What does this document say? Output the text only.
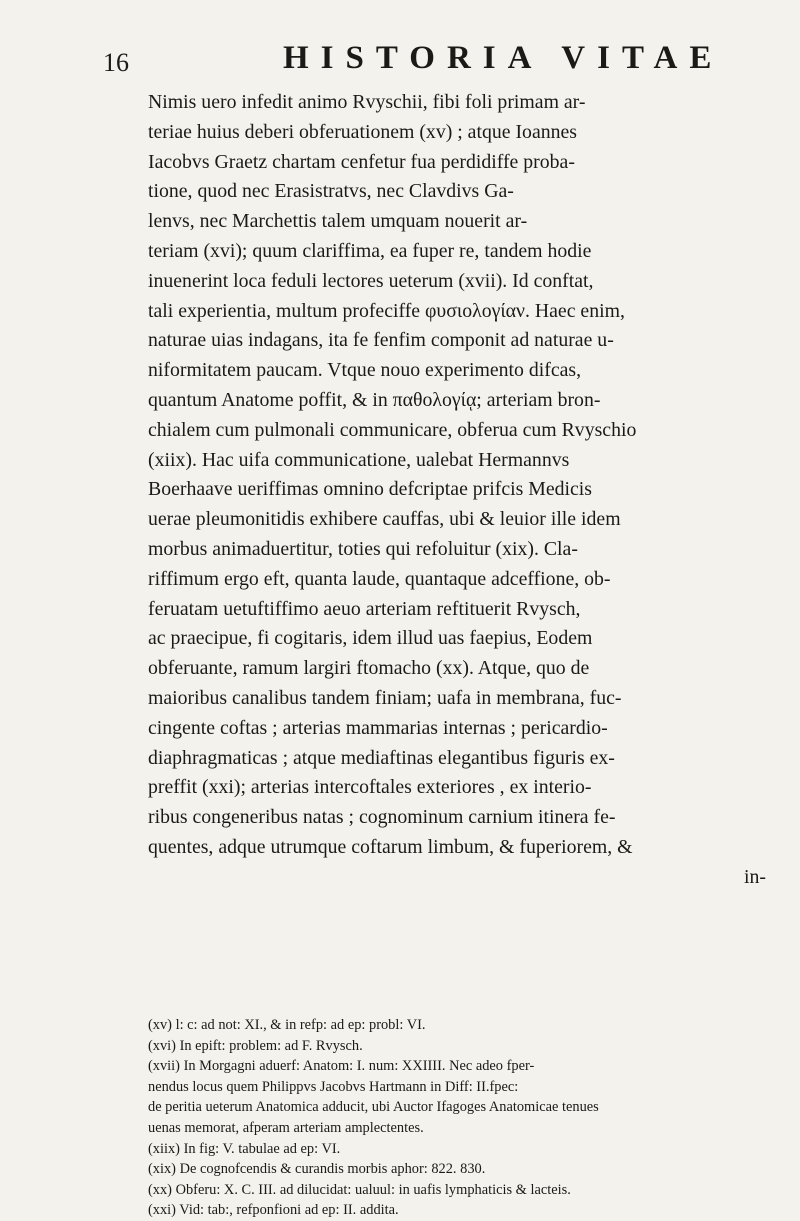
16	HISTORIA VITAE
Nimis uero infedit animo Rvyschii, fibi foli primam ar-
teriae huius deberi obferuationem (xv) ; atque Ioannes
Iacobvs Graetz chartam cenfetur fua perdidiffe proba-
tione, quod nec Erasistratvs, nec Clavdivs Ga-
lenvs, nec Marchettis talem umquam nouerit ar-
teriam (xvi); quum clariffima, ea fuper re, tandem hodie
inuenerint loca feduli lectores ueterum (xvii). Id conftat,
tali experientia, multum profeciffe φυσιολογίαν. Haec enim,
naturae uias indagans, ita fe fenfim componit ad naturae u-
niformitatem paucam. Vtque nouo experimento difcas,
quantum Anatome poffit, & in παθολογίᾳ; arteriam bron-
chialem cum pulmonali communicare, obferua cum Rvyschio
(xiix). Hac uifa communicatione, ualebat Hermannvs
Boerhaave ueriffimas omnino defcriptae prifcis Medicis
uerae pleumonitidis exhibere cauffas, ubi & leuior ille idem
morbus animaduertitur, toties qui refoluitur (xix). Cla-
riffimum ergo eft, quanta laude, quantaque adceffione, ob-
feruatam uetuftiffimo aeuo arteriam reftituerit Rvysch,
ac praecipue, fi cogitaris, idem illud uas faepius, Eodem
obferuante, ramum largiri ftomacho (xx). Atque, quo de
maioribus canalibus tandem finiam; uafa in membrana, fuc-
cingente coftas ; arterias mammarias internas ; pericardio-
diaphragmaticas ; atque mediaftinas elegantibus figuris ex-
preffit (xxi); arterias intercoftales exteriores , ex interio-
ribus congeneribus natas ; cognominum carnium itinera fe-
quentes, adque utrumque coftarum limbum, & fuperiorem, &
in-
(xv) l: c: ad not: XI., & in refp: ad ep: probl: VI.
(xvi) In epift: problem: ad F. Rvysch.
(xvii) In Morgagni aduerf: Anatom: I. num: XXIIII. Nec adeo fper-
nendus locus quem Philippvs Jacobvs Hartmann in Diff: II.fpec:
de peritia ueterum Anatomica adducit, ubi Auctor Ifagoges Anatomicae tenues
uenas memorat, afperam arteriam amplectentes.
(xiix) In fig: V. tabulae ad ep: VI.
(xix) De cognofcendis & curandis morbis aphor: 822. 830.
(xx) Obferu: X. C. III. ad dilucidat: ualuul: in uafis lymphaticis & lacteis.
(xxi) Vid: tab:, refponfioni ad ep: II. addita.
